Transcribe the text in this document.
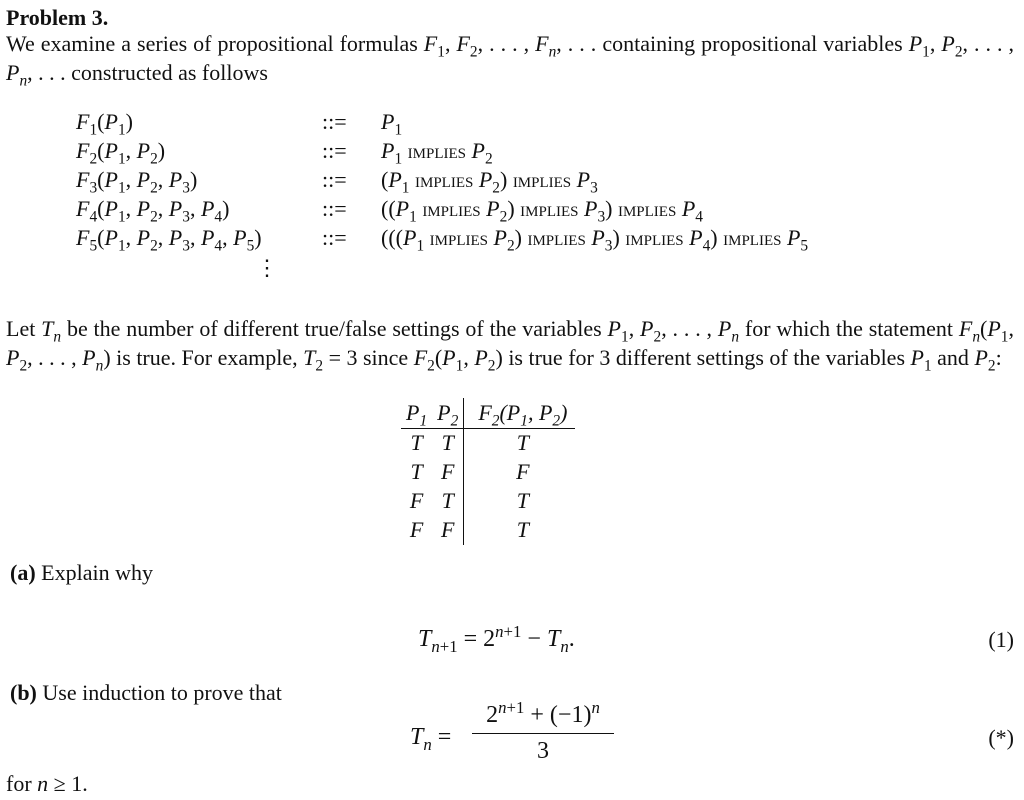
Problem 3.
We examine a series of propositional formulas $F_1$, $F_2$, . . . , $F_n$, . . . containing propositional variables $P_1$, $P_2$, . . . , $P_n$, . . . constructed as follows
$F_1(P_1)$	::= $P_1$
$F_2(P_1$, $P_2$)	::= $P_1$ implies $P_2$
$F_3(P_1$, $P_2$, $P_3$)	::= ($P_1$ implies $P_2$) implies $P_3$
$F_4(P_1$, $P_2$, $P_3$, $P_4$)	::= (($P_1$ implies $P_2$) implies $P_3$) implies $P_4$
$F_5(P_1$, $P_2$, $P_3$, $P_4$, $P_5$)	::= ((($P_1$ implies $P_2$) implies $P_3$) implies $P_4$) implies $P_5$
⋮
Let $T_n$ be the number of different true/false settings of the variables $P_1$, $P_2$, . . . , $P_n$ for which the statement $F_n(P_1$, $P_2$, . . . , $P_n$) is true. For example, $T_2 = 3$ since $F_2(P_1$, $P_2$) is true for 3 different settings of the variables $P_1$ and $P_2$:
$P_1$	$P_2$	$F_2(P_1$, $P_2$)
T	T	T
T	F	F
F	T	T
F	F	T
(a) Explain why
$T_{n+1} = 2^{n+1} - T_n$.	(1)
(b) Use induction to prove that
$T_n$ =
$2^{n+1} + (-1)^n$
3
(*)
for n ≥ 1.
